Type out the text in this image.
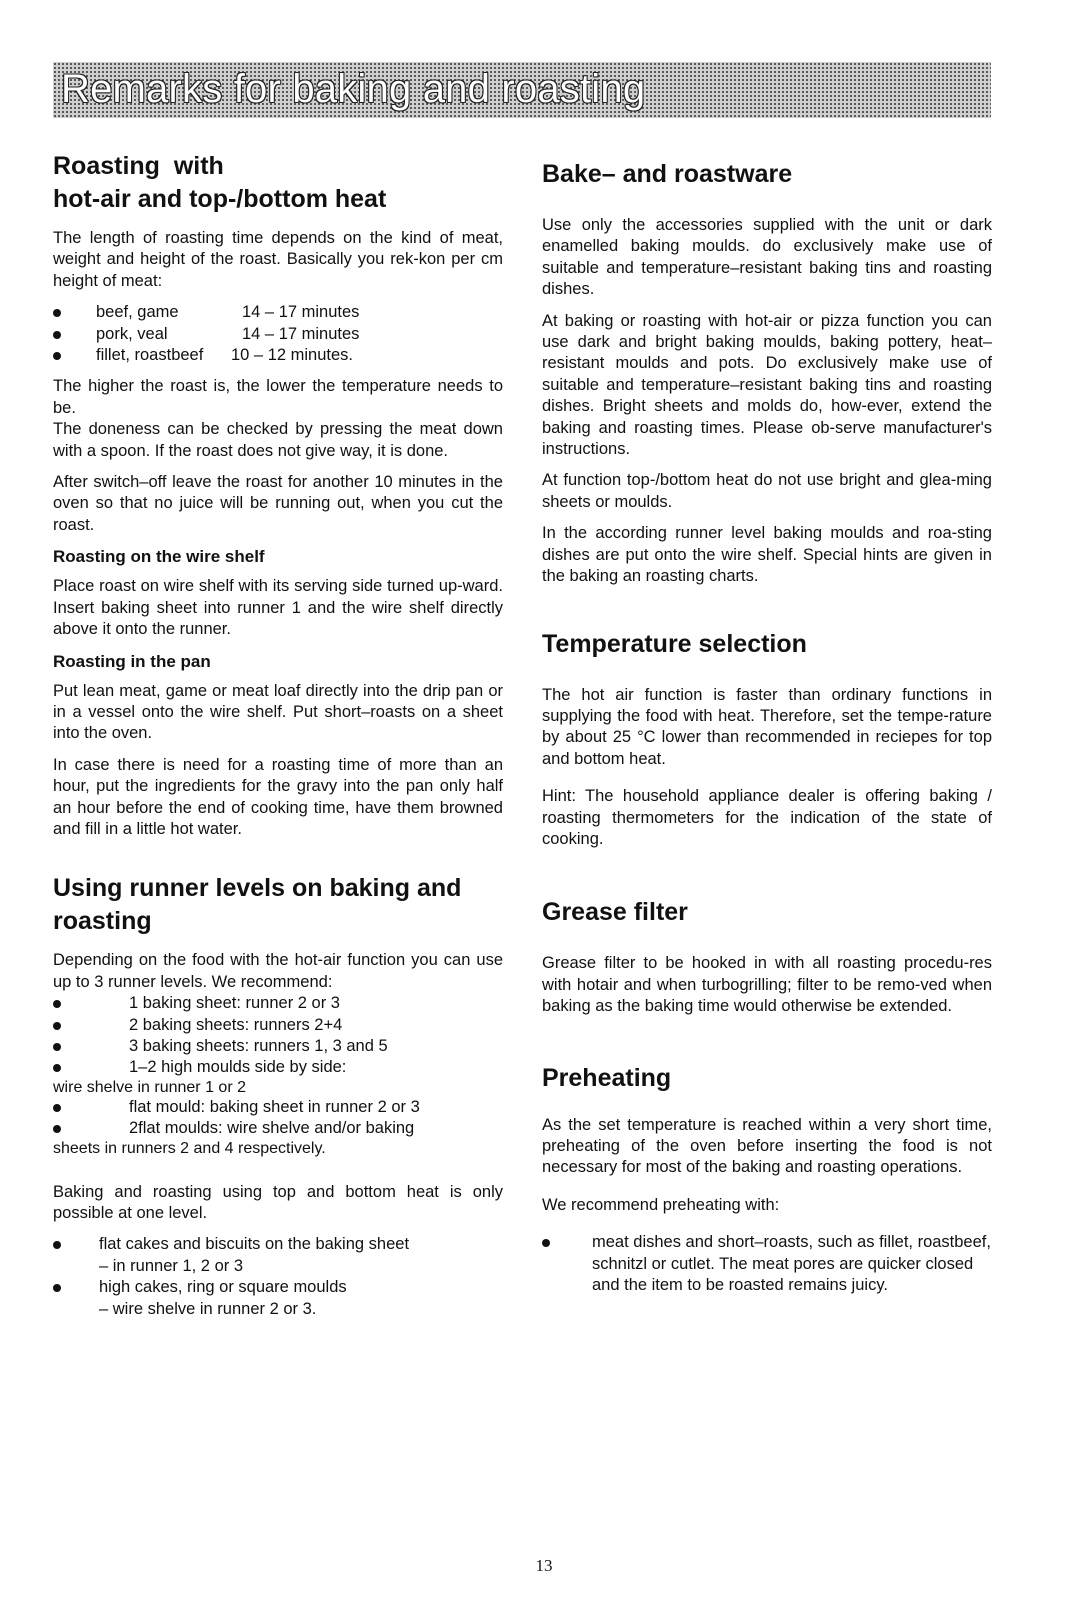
Remarks for baking and roasting
Roasting  with
hot-air and top-/bottom heat

The length of roasting time depends on the kind of meat, weight and height of the roast. Basically you rek-kon per cm height of meat:

beef, game	14 – 17 minutes
pork, veal	14 – 17 minutes
fillet, roastbeef 10 – 12 minutes.

The higher the roast is, the lower the temperature needs to be.

The doneness can be checked by pressing the meat down with a spoon. If the roast does not give way, it is done.

After switch–off leave the roast for another 10 minutes in the oven so that no juice will be running out, when you cut the roast.

Roasting on the wire shelf

Place roast on wire shelf with its serving side turned up-ward. Insert baking sheet into runner 1 and the wire shelf directly above it onto the runner.

Roasting in the pan

Put lean meat, game or meat loaf directly into the drip pan or in a vessel onto the wire shelf. Put short–roasts on a sheet into the oven.

In case there is need for a roasting time of more than an hour, put the ingredients for the gravy into the pan only half an hour before the end of cooking time, have them browned and fill in a little hot water.

Using runner levels on baking and roasting

Depending on the food with the hot-air function you can use up to 3 runner levels. We recommend:

1 baking sheet: runner 2 or 3
2 baking sheets: runners 2+4
3 baking sheets: runners 1, 3 and 5
1–2 high moulds side by side:
wire shelve in runner 1 or 2
flat mould: baking sheet in runner 2 or 3
2flat moulds: wire shelve and/or baking
sheets in runners 2 and 4 respectively.

Baking and roasting using top and bottom heat is only possible at one level.

flat cakes and biscuits on the baking sheet
– in runner 1, 2 or 3
high cakes, ring or square moulds
– wire shelve in runner 2 or 3.
Bake– and roastware

Use only the accessories supplied with the unit or dark enamelled baking moulds. do exclusively make use of suitable and temperature–resistant baking tins and roasting dishes.

At baking or roasting with hot-air or pizza function you can use dark and bright baking moulds, baking pottery, heat–resistant moulds and pots. Do exclusively make use of suitable and temperature–resistant baking tins and roasting dishes. Bright sheets and molds do, how-ever, extend the baking and roasting times. Please ob-serve manufacturer's instructions.

At function top-/bottom heat do not use bright and glea-ming sheets or moulds.

In the according runner level baking moulds and roa-sting dishes are put onto the wire shelf. Special hints are given in the baking an roasting charts.

Temperature selection

The hot air function is faster than ordinary functions in supplying the food with heat. Therefore, set the tempe-rature by about 25 °C lower than recommended in reciepes for top and bottom heat.

Hint: The household appliance dealer is offering baking / roasting thermometers for the indication of the state of cooking.

Grease filter

Grease filter to be hooked in with all roasting procedu-res with hotair and when turbogrilling; filter to be remo-ved when baking as the baking time would otherwise be extended.

Preheating

As the set temperature is reached within a very short time, preheating of the oven before inserting the food is not necessary for most of the baking and roasting operations.

We recommend preheating with:

meat dishes and short–roasts, such as fillet, roastbeef, schnitzl or cutlet. The meat pores are quicker closed and the item to be roasted remains juicy.
13
